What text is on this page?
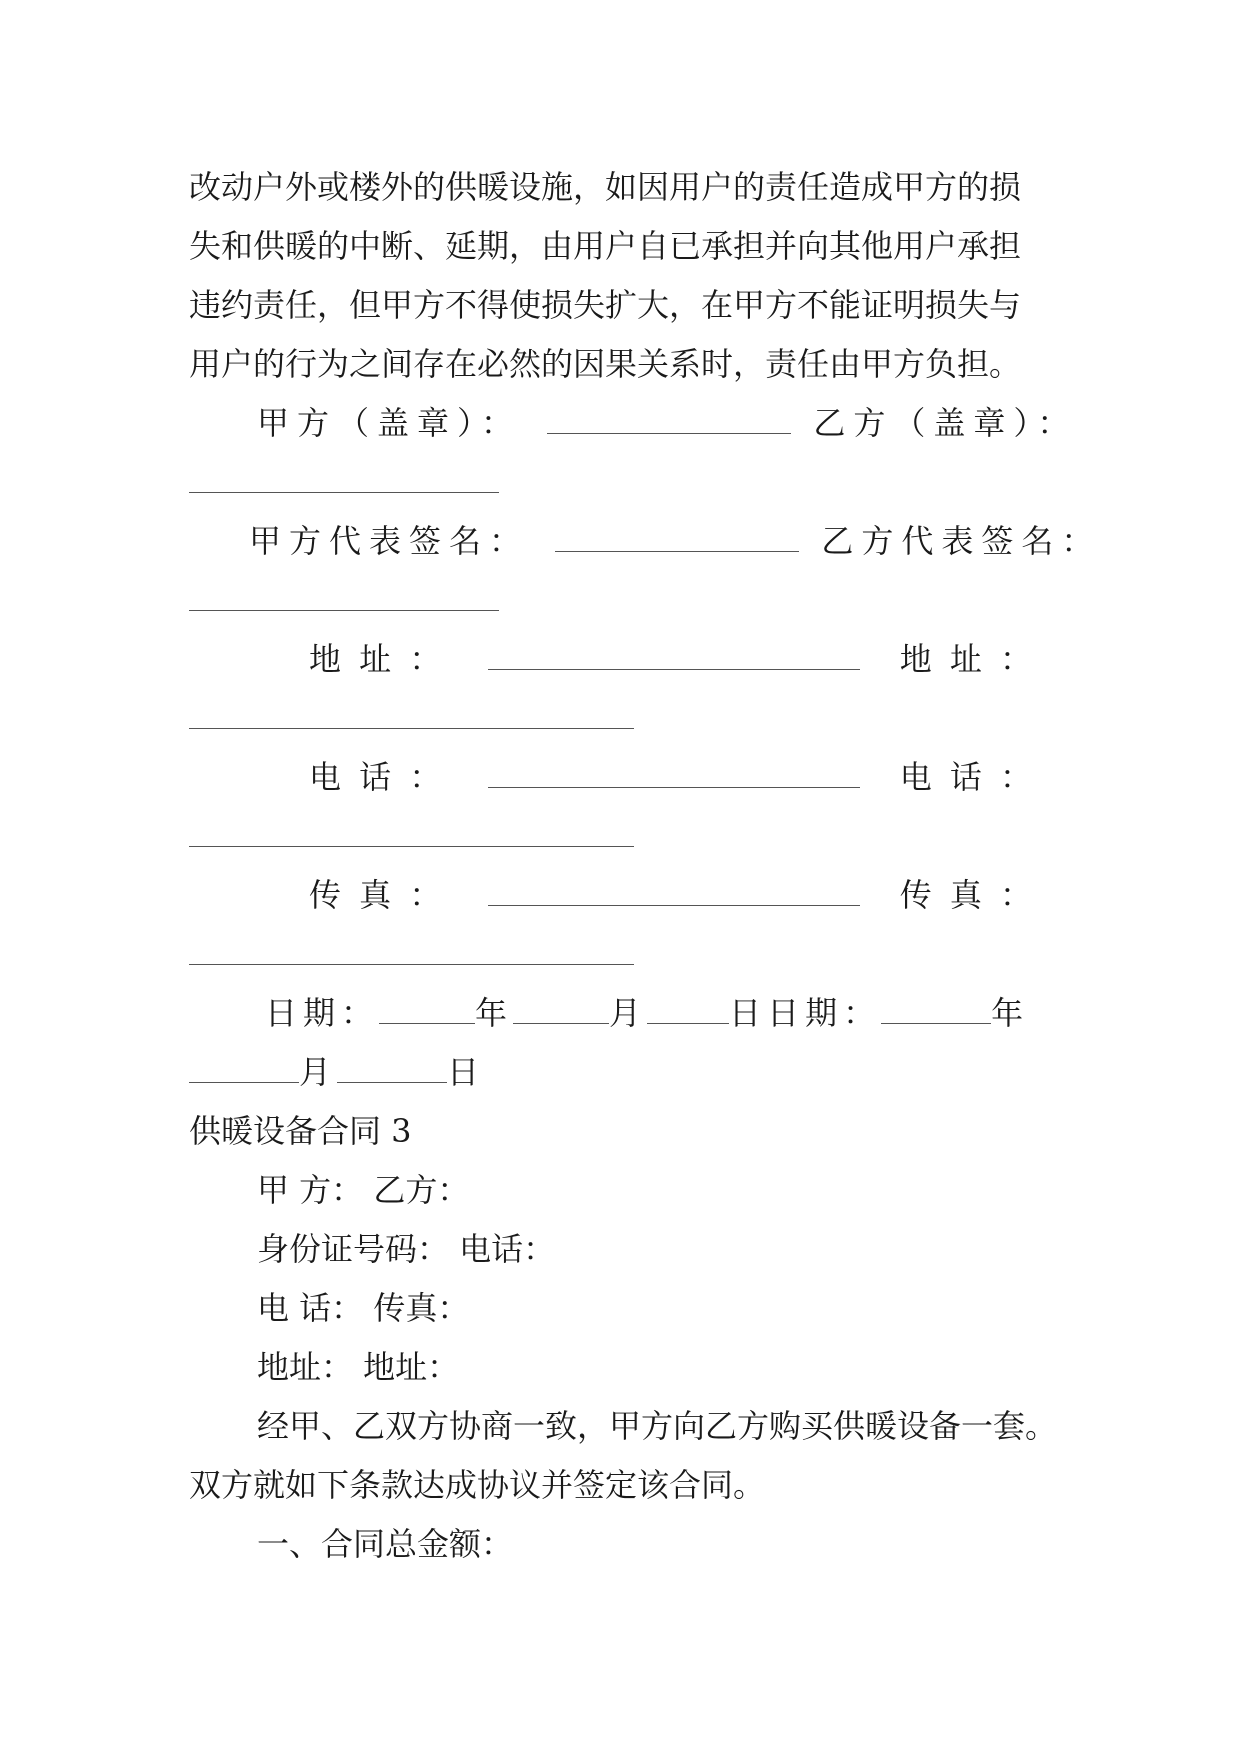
改动户外或楼外的供暖设施，如因用户的责任造成甲方的损
失和供暖的中断、延期，由用户自已承担并向其他用户承担
违约责任，但甲方不得使损失扩大，在甲方不能证明损失与
用户的行为之间存在必然的因果关系时，责任由甲方负担。
甲方（盖章）：	乙方（盖章）：
甲方代表签名：	乙方代表签名：
地 址 ：	地 址 ：
电 话 ：	电 话 ：
传 真 ：	传 真 ：
日期：	年	月	日日期：	年
月	日
供暖设备合同 3
甲 方： 乙方：
身份证号码： 电话：
电 话： 传真：
地址： 地址：
经甲、乙双方协商一致，甲方向乙方购买供暖设备一套。
双方就如下条款达成协议并签定该合同。
一、合同总金额：
